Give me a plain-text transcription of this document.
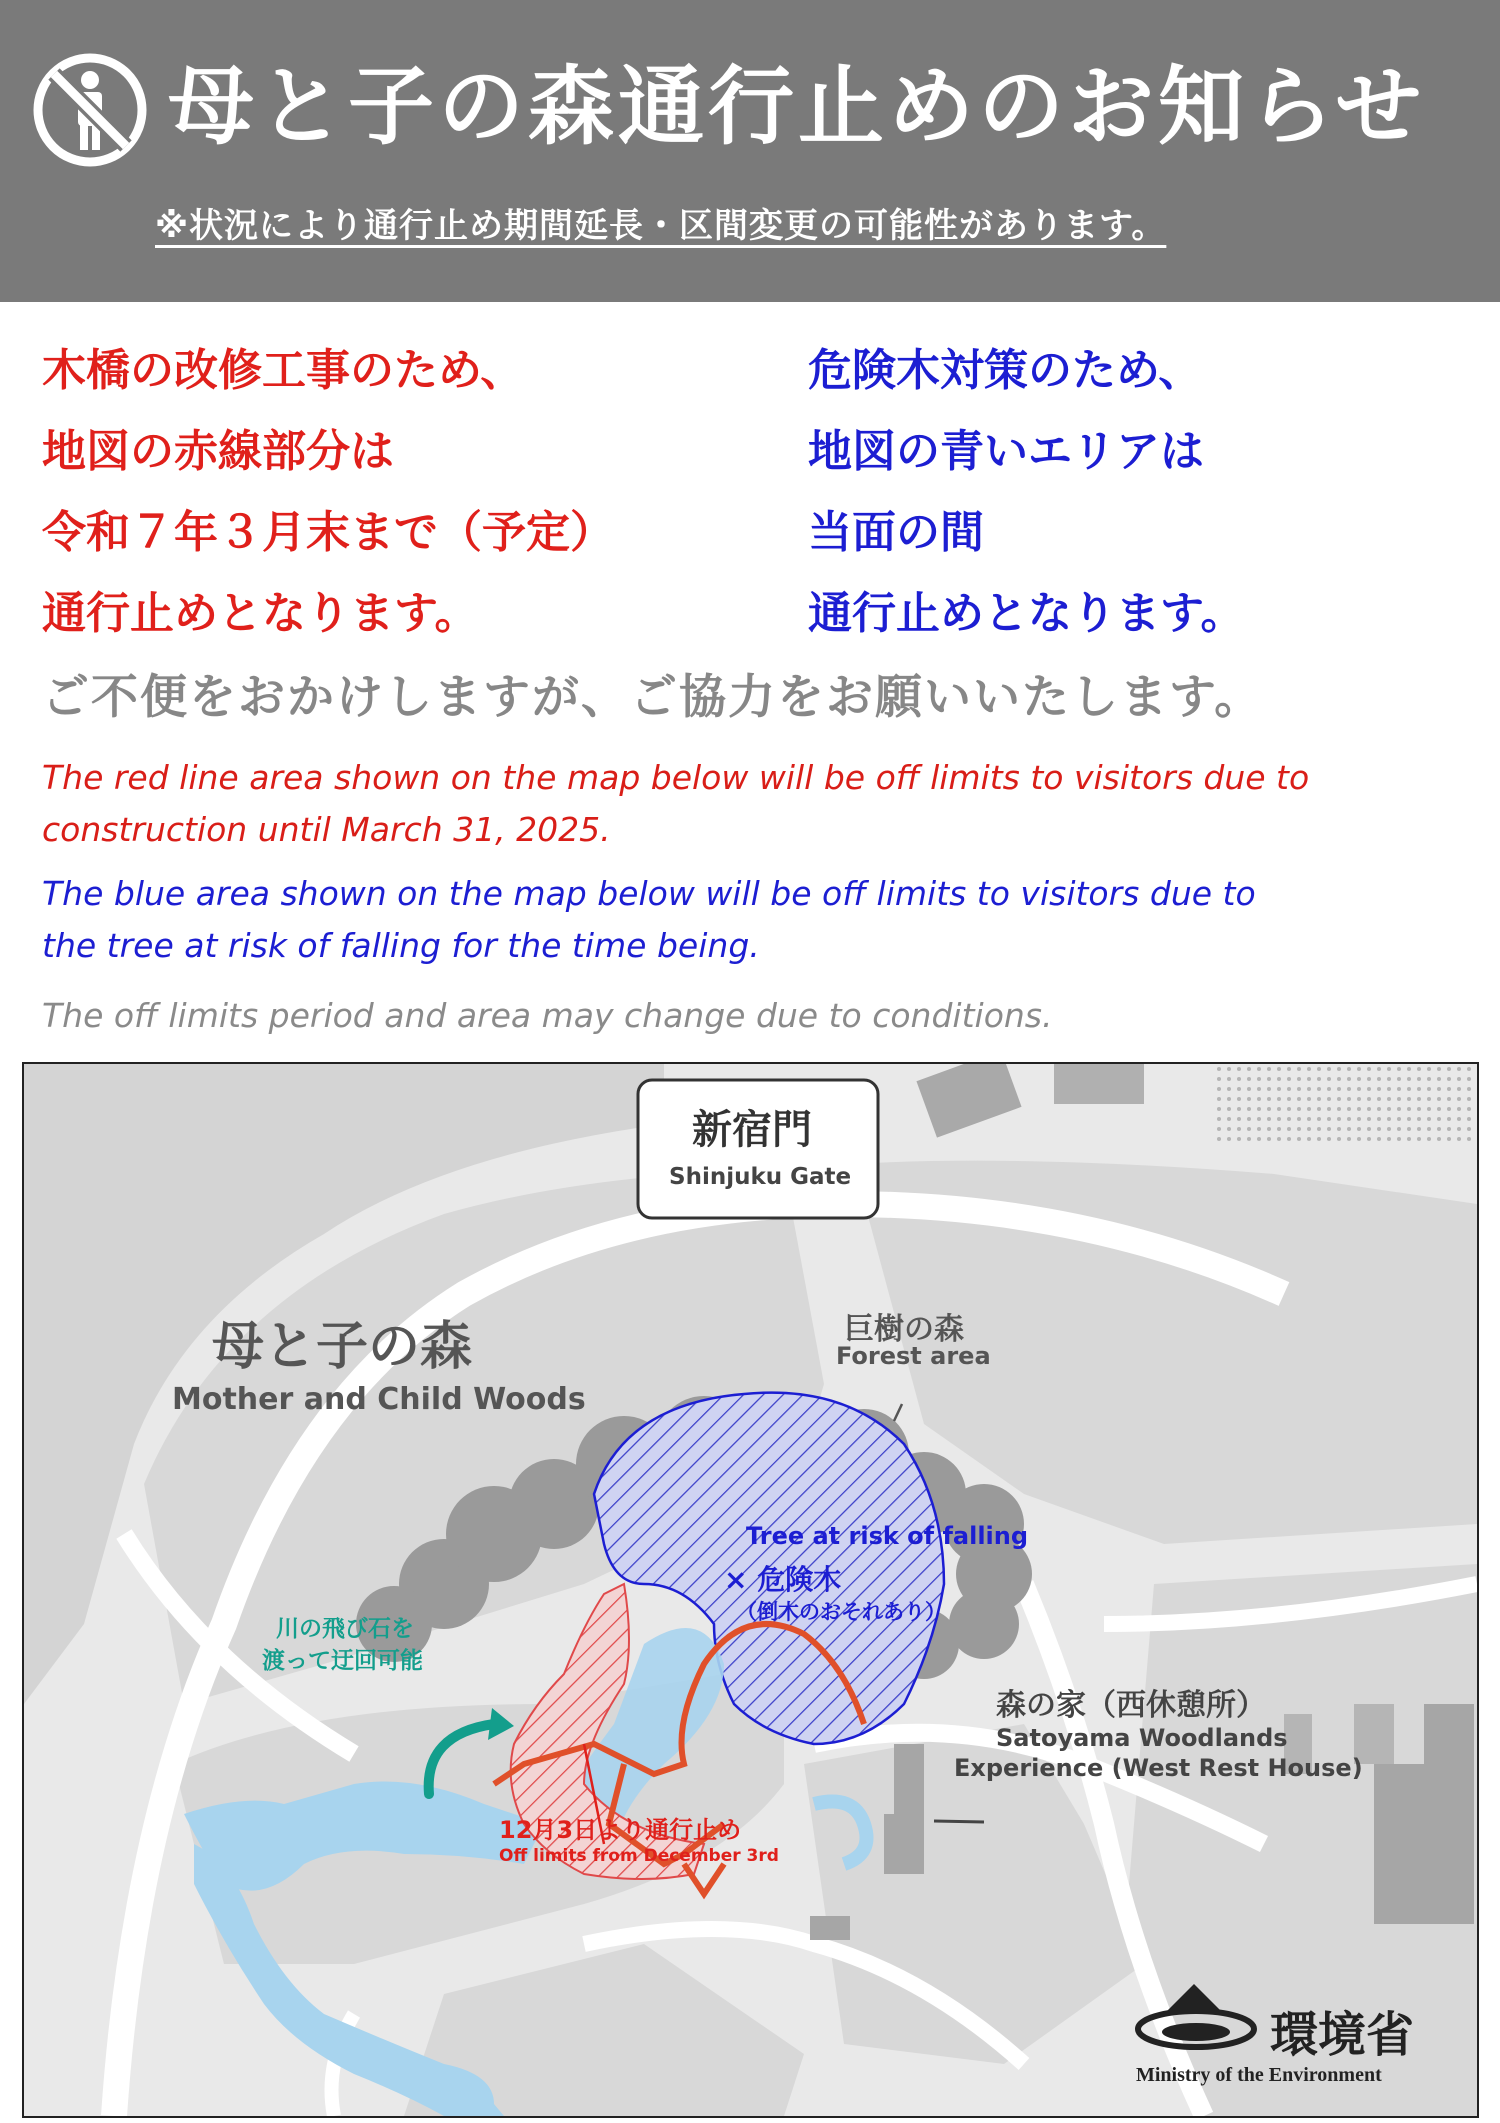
母と子の森通行止めのお知らせ
※状況により通行止め期間延長・区間変更の可能性があります。
木橋の改修工事のため、
地図の赤線部分は
令和７年３月末まで（予定）
通行止めとなります。
危険木対策のため、
地図の青いエリアは
当面の間
通行止めとなります。
ご不便をおかけしますが、ご協力をお願いいたします。
The red line area shown on the map below will be off limits to visitors due to
construction until March 31, 2025.
The blue area shown on the map below will be off limits to visitors due to
the tree at risk of falling for the time being.
The off limits period and area may change due to conditions.
新宿門
Shinjuku Gate
母と子の森
Mother and Child Woods
巨樹の森
Forest area
Tree at risk of falling
× 危険木
（倒木のおそれあり）
川の飛び石を
渡って迂回可能
12月3日より通行止め
Off limits from December 3rd
森の家（西休憩所）
Satoyama Woodlands
Experience (West Rest House)
環境省
Ministry of the Environment
